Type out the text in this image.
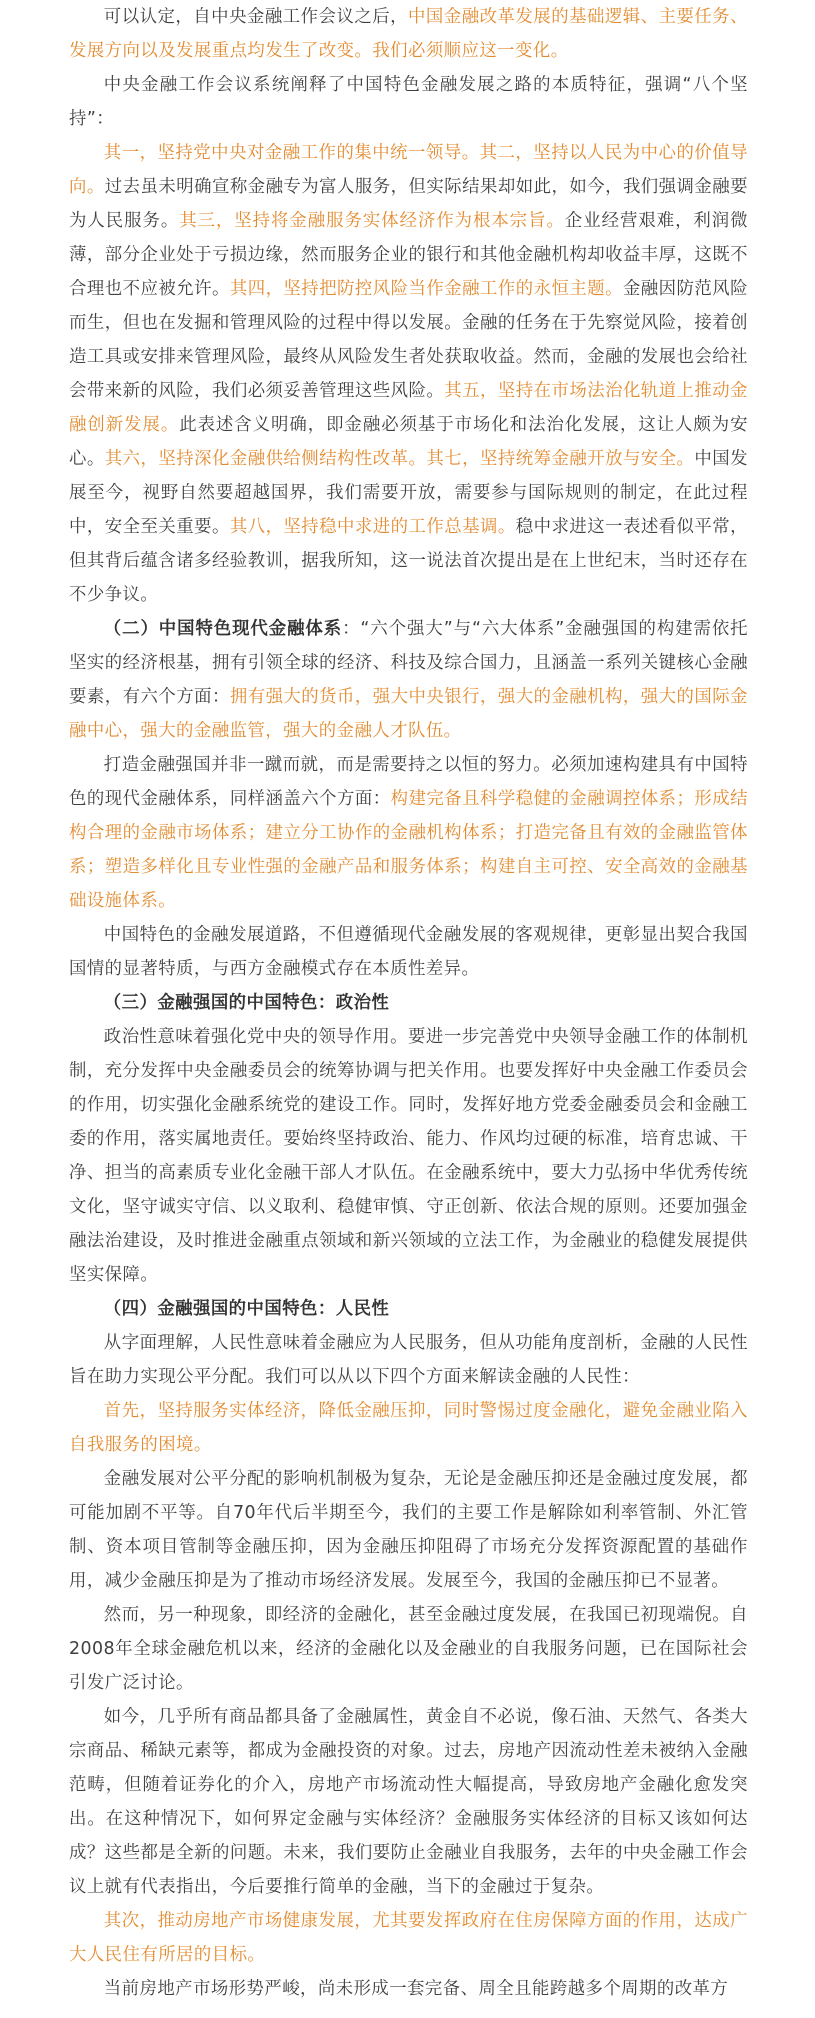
可以认定，自中央金融工作会议之后，中国金融改革发展的基础逻辑、主要任务、发展方向以及发展重点均发生了改变。我们必须顺应这一变化。

中央金融工作会议系统阐释了中国特色金融发展之路的本质特征，强调“八个坚持”：

其一，坚持党中央对金融工作的集中统一领导。其二，坚持以人民为中心的价值导向。过去虽未明确宣称金融专为富人服务，但实际结果却如此，如今，我们强调金融要为人民服务。其三，坚持将金融服务实体经济作为根本宗旨。企业经营艰难，利润微薄，部分企业处于亏损边缘，然而服务企业的银行和其他金融机构却收益丰厚，这既不合理也不应被允许。其四，坚持把防控风险当作金融工作的永恒主题。金融因防范风险而生，但也在发掘和管理风险的过程中得以发展。金融的任务在于先察觉风险，接着创造工具或安排来管理风险，最终从风险发生者处获取收益。然而，金融的发展也会给社会带来新的风险，我们必须妥善管理这些风险。其五，坚持在市场法治化轨道上推动金融创新发展。此表述含义明确，即金融必须基于市场化和法治化发展，这让人颇为安心。其六，坚持深化金融供给侧结构性改革。其七，坚持统筹金融开放与安全。中国发展至今，视野自然要超越国界，我们需要开放，需要参与国际规则的制定，在此过程中，安全至关重要。其八，坚持稳中求进的工作总基调。稳中求进这一表述看似平常，但其背后蕴含诸多经验教训，据我所知，这一说法首次提出是在上世纪末，当时还存在不少争议。

（二）中国特色现代金融体系：“六个强大”与“六大体系”金融强国的构建需依托坚实的经济根基，拥有引领全球的经济、科技及综合国力，且涵盖一系列关键核心金融要素，有六个方面：拥有强大的货币，强大中央银行，强大的金融机构，强大的国际金融中心，强大的金融监管，强大的金融人才队伍。

打造金融强国并非一蹴而就，而是需要持之以恒的努力。必须加速构建具有中国特色的现代金融体系，同样涵盖六个方面：构建完备且科学稳健的金融调控体系；形成结构合理的金融市场体系；建立分工协作的金融机构体系；打造完备且有效的金融监管体系；塑造多样化且专业性强的金融产品和服务体系；构建自主可控、安全高效的金融基础设施体系。

中国特色的金融发展道路，不但遵循现代金融发展的客观规律，更彰显出契合我国国情的显著特质，与西方金融模式存在本质性差异。

（三）金融强国的中国特色：政治性

政治性意味着强化党中央的领导作用。要进一步完善党中央领导金融工作的体制机制，充分发挥中央金融委员会的统筹协调与把关作用。也要发挥好中央金融工作委员会的作用，切实强化金融系统党的建设工作。同时，发挥好地方党委金融委员会和金融工委的作用，落实属地责任。要始终坚持政治、能力、作风均过硬的标准，培育忠诚、干净、担当的高素质专业化金融干部人才队伍。在金融系统中，要大力弘扬中华优秀传统文化，坚守诚实守信、以义取利、稳健审慎、守正创新、依法合规的原则。还要加强金融法治建设，及时推进金融重点领域和新兴领域的立法工作，为金融业的稳健发展提供坚实保障。

（四）金融强国的中国特色：人民性

从字面理解，人民性意味着金融应为人民服务，但从功能角度剖析，金融的人民性旨在助力实现公平分配。我们可以从以下四个方面来解读金融的人民性：

首先，坚持服务实体经济，降低金融压抑，同时警惕过度金融化，避免金融业陷入自我服务的困境。

金融发展对公平分配的影响机制极为复杂，无论是金融压抑还是金融过度发展，都可能加剧不平等。自70年代后半期至今，我们的主要工作是解除如利率管制、外汇管制、资本项目管制等金融压抑，因为金融压抑阻碍了市场充分发挥资源配置的基础作用，减少金融压抑是为了推动市场经济发展。发展至今，我国的金融压抑已不显著。

然而，另一种现象，即经济的金融化，甚至金融过度发展，在我国已初现端倪。自2008年全球金融危机以来，经济的金融化以及金融业的自我服务问题，已在国际社会引发广泛讨论。

如今，几乎所有商品都具备了金融属性，黄金自不必说，像石油、天然气、各类大宗商品、稀缺元素等，都成为金融投资的对象。过去，房地产因流动性差未被纳入金融范畴，但随着证券化的介入，房地产市场流动性大幅提高，导致房地产金融化愈发突出。在这种情况下，如何界定金融与实体经济？金融服务实体经济的目标又该如何达成？这些都是全新的问题。未来，我们要防止金融业自我服务，去年的中央金融工作会议上就有代表指出，今后要推行简单的金融，当下的金融过于复杂。

其次，推动房地产市场健康发展，尤其要发挥政府在住房保障方面的作用，达成广大人民住有所居的目标。

当前房地产市场形势严峻，尚未形成一套完备、周全且能跨越多个周期的改革方
